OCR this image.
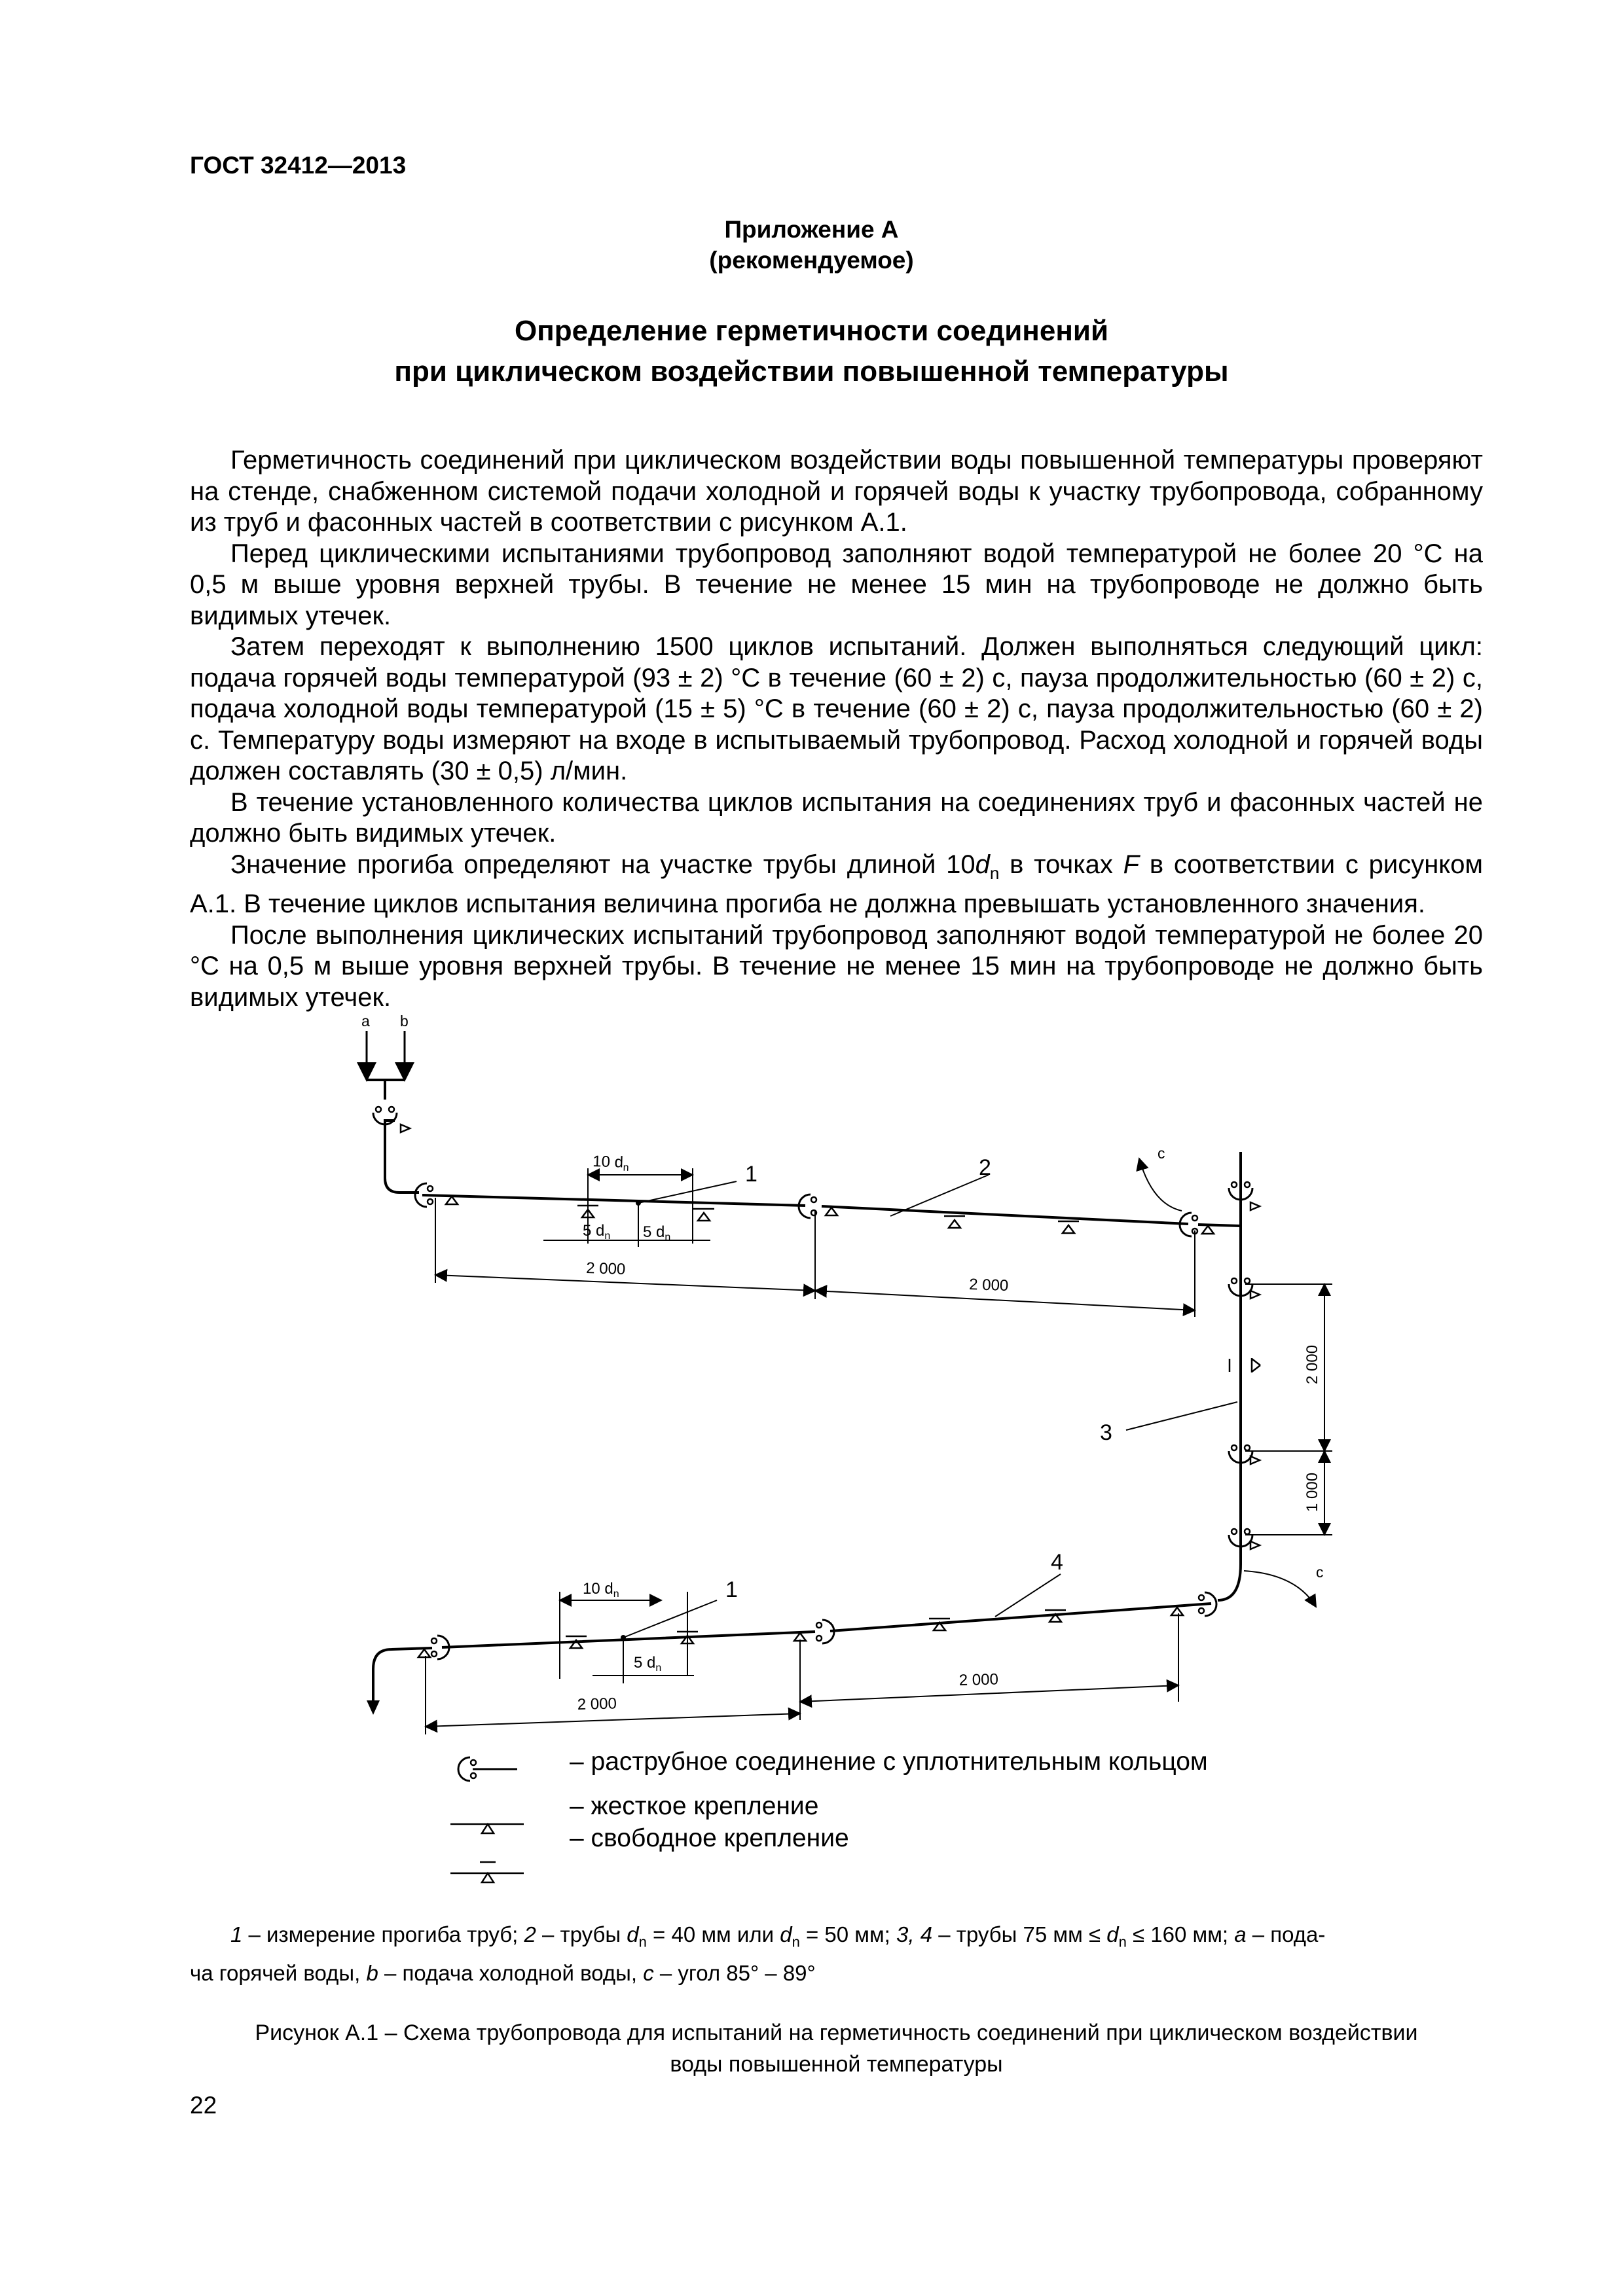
ГОСТ 32412—2013
Приложение А
(рекомендуемое)
Определение герметичности соединений
при циклическом воздействии повышенной температуры

Герметичность соединений при циклическом воздействии воды повышенной температуры проверяют на стенде, снабженном системой подачи холодной и горячей воды к участку трубопровода, собранному из труб и фасонных частей в соответствии с рисунком А.1.

Перед циклическими испытаниями трубопровод заполняют водой температурой не более 20 °С на 0,5 м выше уровня верхней трубы. В течение не менее 15 мин на трубопроводе не должно быть видимых утечек.

Затем переходят к выполнению 1500 циклов испытаний. Должен выполняться следующий цикл: подача горячей воды температурой (93 ± 2) °С в течение (60 ± 2) с, пауза продолжительностью (60 ± 2) с, подача холодной воды температурой (15 ± 5) °С в течение (60 ± 2) с, пауза продолжительностью (60 ± 2) с. Температуру воды измеряют на входе в испытываемый трубопровод. Расход холодной и горячей воды должен составлять (30 ± 0,5) л/мин.

В течение установленного количества циклов испытания на соединениях труб и фасонных частей не должно быть видимых утечек.

Значение прогиба определяют на участке трубы длиной $10d_n$ в точках F в соответствии с рисунком А.1. В течение циклов испытания величина прогиба не должна превышать установленного значения.

После выполнения циклических испытаний трубопровод заполняют водой температурой не более 20 °С на 0,5 м выше уровня верхней трубы. В течение не менее 15 мин на трубопроводе не должно быть видимых утечек.

a b
c
c
1	2
3
1
4
10 $d_n$
5 $d_n$ 5 $d_n$
2 000
2 000
2 000
1 000
10 $d_n$
5 $d_n$
2 000
2 000
– раструбное соединение с уплотнительным кольцом
– жесткое крепление
– свободное крепление
1 – измерение прогиба труб; 2 – трубы $d_n = 40$ мм или $d_n = 50$ мм; 3, 4 – трубы 75 мм ≤ $d_n \le 160$ мм; a – пода-
ча горячей воды, b – подача холодной воды, c – угол 85° – 89°
Рисунок А.1 – Схема трубопровода для испытаний на герметичность соединений при циклическом воздействии
воды повышенной температуры
22
